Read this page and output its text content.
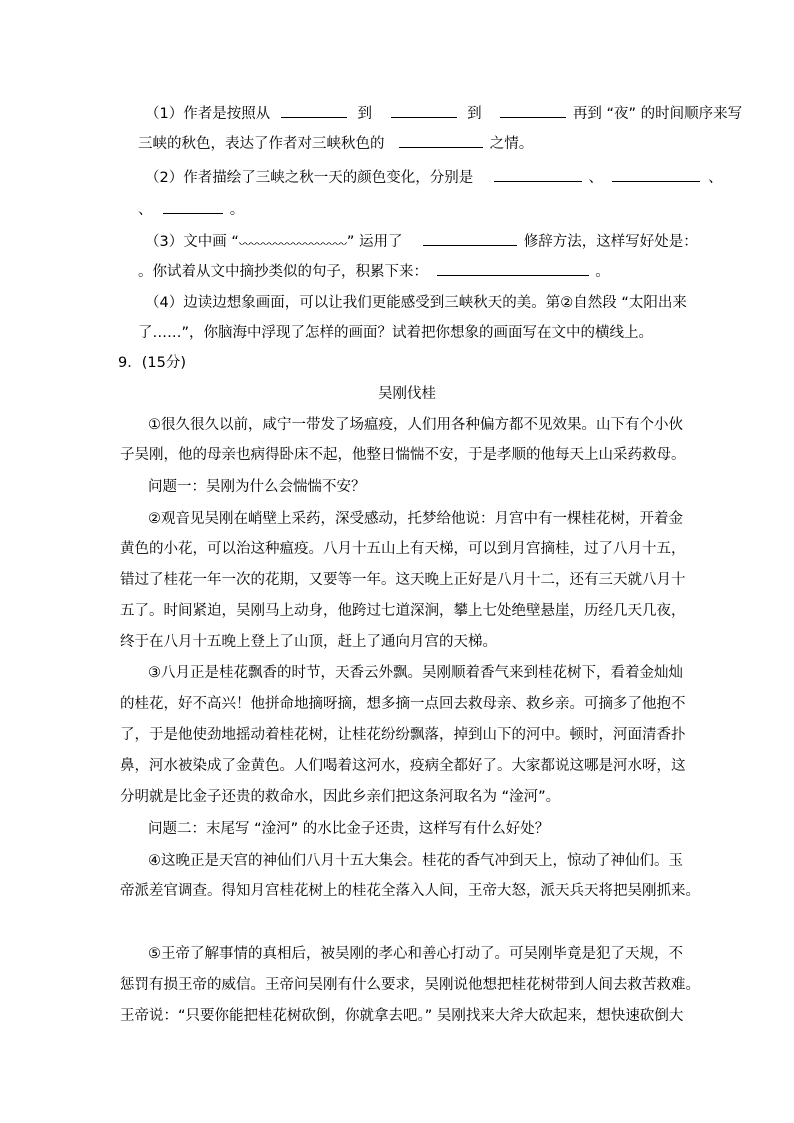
（1）作者是按照从	到	到	再到 “夜” 的时间顺序来写
三峡的秋色，表达了作者对三峡秋色的	之情。
（2）作者描绘了三峡之秋一天的颜色变化，分别是	、	、
、	。
（3）文中画 “	” 运用了	修辞方法，这样写好处是：
。你试着从文中摘抄类似的句子，积累下来：	。
（4）边读边想象画面，可以让我们更能感受到三峡秋天的美。第②自然段 “太阳出来
了……”，你脑海中浮现了怎样的画面？试着把你想象的画面写在文中的横线上。
9．(15分)
吴刚伐桂
①很久很久以前，咸宁一带发了场瘟疫，人们用各种偏方都不见效果。山下有个小伙
子吴刚，他的母亲也病得卧床不起，他整日惴惴不安，于是孝顺的他每天上山采药救母。
问题一：吴刚为什么会惴惴不安？
②观音见吴刚在峭壁上采药，深受感动，托梦给他说：月宫中有一棵桂花树，开着金
黄色的小花，可以治这种瘟疫。八月十五山上有天梯，可以到月宫摘桂，过了八月十五，
错过了桂花一年一次的花期，又要等一年。这天晚上正好是八月十二，还有三天就八月十
五了。时间紧迫，吴刚马上动身，他跨过七道深涧，攀上七处绝壁悬崖，历经几天几夜，
终于在八月十五晚上登上了山顶，赶上了通向月宫的天梯。
③八月正是桂花飘香的时节，天香云外飘。吴刚顺着香气来到桂花树下，看着金灿灿
的桂花，好不高兴！他拼命地摘呀摘，想多摘一点回去救母亲、救乡亲。可摘多了他抱不
了，于是他使劲地摇动着桂花树，让桂花纷纷飘落，掉到山下的河中。顿时，河面清香扑
鼻，河水被染成了金黄色。人们喝着这河水，疫病全都好了。大家都说这哪是河水呀，这
分明就是比金子还贵的救命水，因此乡亲们把这条河取名为 “淦河”。
问题二：末尾写 “淦河” 的水比金子还贵，这样写有什么好处？
④这晚正是天宫的神仙们八月十五大集会。桂花的香气冲到天上，惊动了神仙们。玉
帝派差官调查。得知月宫桂花树上的桂花全落入人间，王帝大怒，派天兵天将把吴刚抓来。
⑤王帝了解事情的真相后，被吴刚的孝心和善心打动了。可吴刚毕竟是犯了天规，不
惩罚有损王帝的威信。王帝问吴刚有什么要求，吴刚说他想把桂花树带到人间去救苦救难。
王帝说：“只要你能把桂花树砍倒，你就拿去吧。” 吴刚找来大斧大砍起来，想快速砍倒大
